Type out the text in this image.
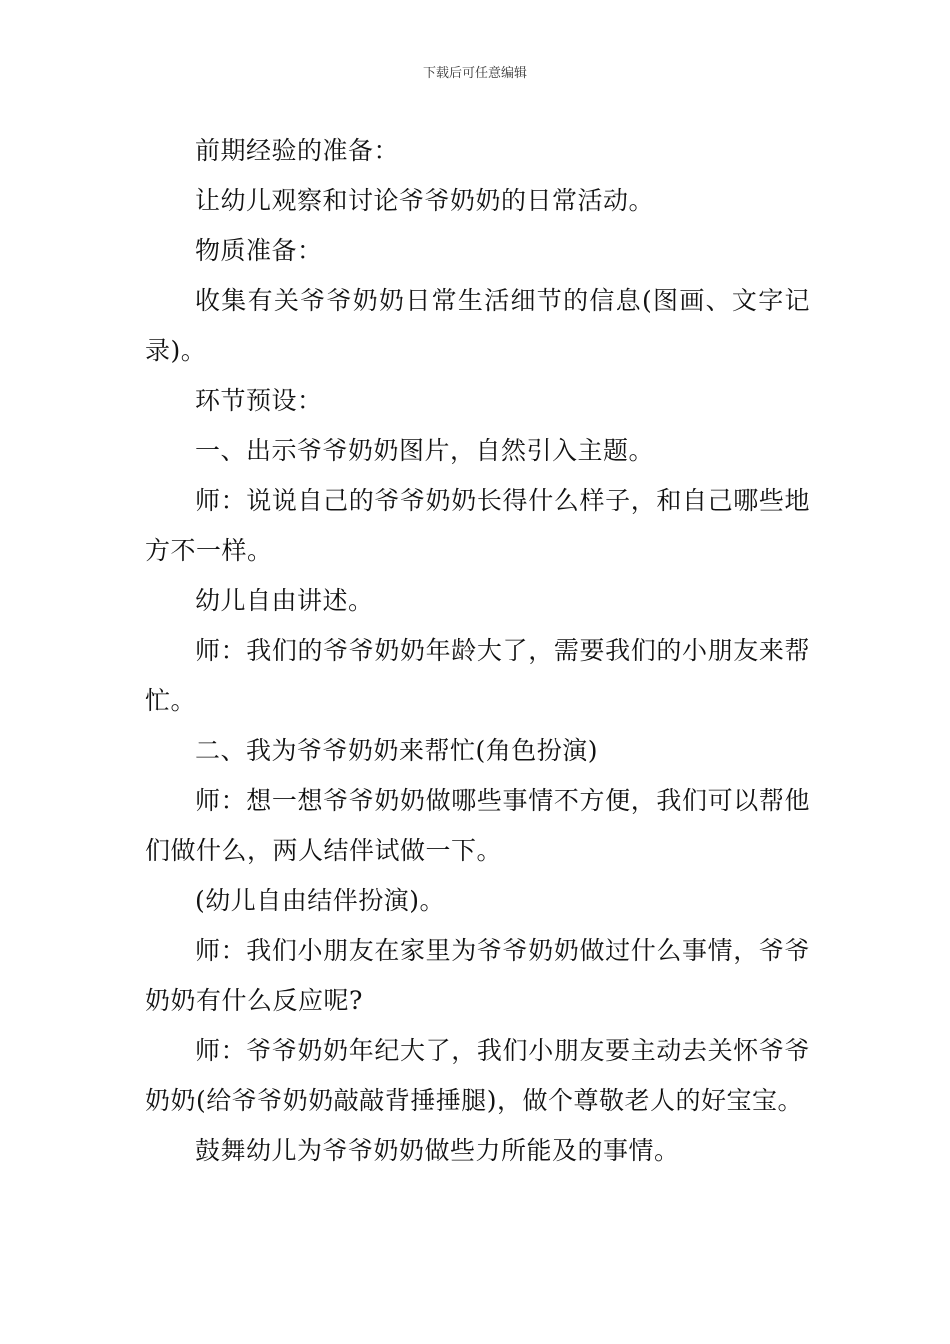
下载后可任意编辑

前期经验的准备：

让幼儿观察和讨论爷爷奶奶的日常活动。

物质准备：

收集有关爷爷奶奶日常生活细节的信息(图画、文字记录)。

环节预设：

一、出示爷爷奶奶图片，自然引入主题。

师：说说自己的爷爷奶奶长得什么样子，和自己哪些地方不一样。

幼儿自由讲述。

师：我们的爷爷奶奶年龄大了，需要我们的小朋友来帮忙。

二、我为爷爷奶奶来帮忙(角色扮演)

师：想一想爷爷奶奶做哪些事情不方便，我们可以帮他们做什么，两人结伴试做一下。

(幼儿自由结伴扮演)。

师：我们小朋友在家里为爷爷奶奶做过什么事情，爷爷奶奶有什么反应呢?

师：爷爷奶奶年纪大了，我们小朋友要主动去关怀爷爷奶奶(给爷爷奶奶敲敲背捶捶腿)，做个尊敬老人的好宝宝。

鼓舞幼儿为爷爷奶奶做些力所能及的事情。
